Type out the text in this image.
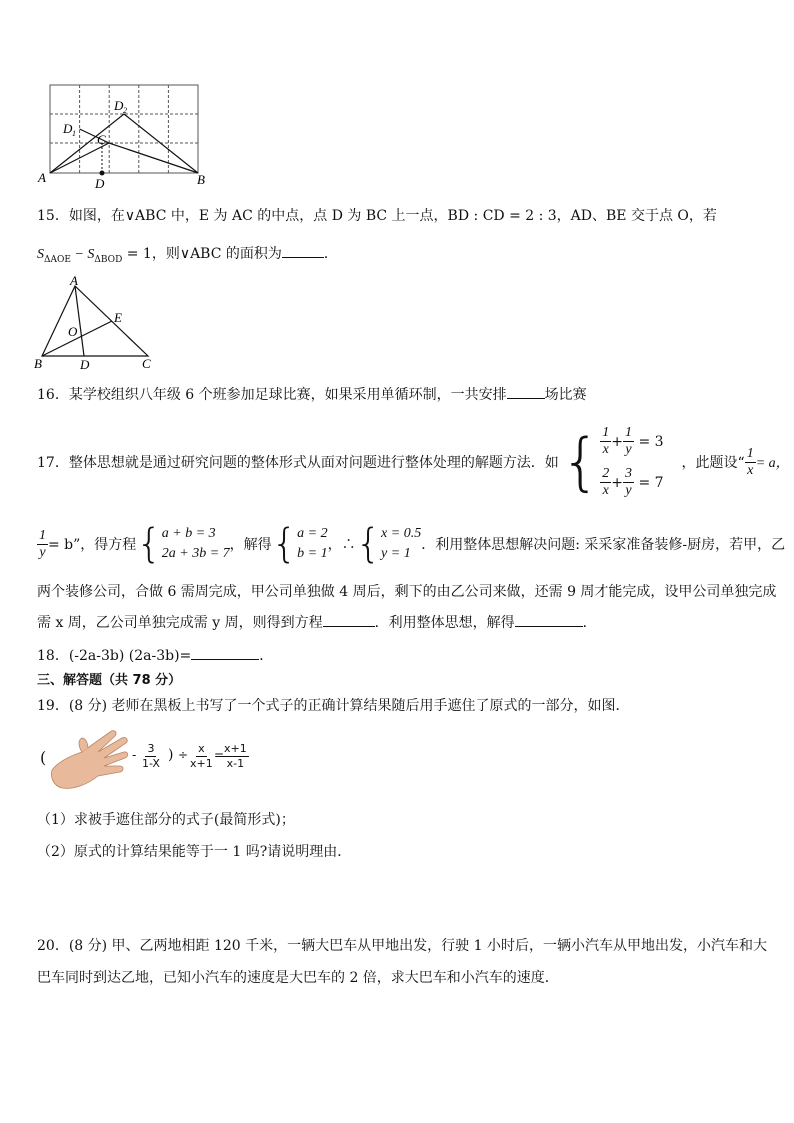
A	D	B
C
D 1
D 2
15．如图，在∨ABC 中，E 为 AC 的中点，点 D 为 BC 上一点，BD : CD = 2 : 3，AD、BE 交于点 O，若
$S_{\Delta AOE} - S_{\Delta BOD} = 1$，则∨ABC 的面积为	．
A
E
O
B	D	C
16．某学校组织八年级 6 个班参加足球比赛，如果采用单循环制，一共安排	场比赛
17．整体思想就是通过研究问题的整体形式从面对问题进行整体处理的解题方法．如 { $\frac{1}{x} + \frac{1}{y}$
= 3
$\frac{2}{x} + \frac{3}{y}$
= 7
，此题设“ $\frac{1}{x} = a$，
$\frac{1}{y} = b$”，得方程 { a + b = 3
2a + 3b = 7
，解得 { a = 2
b = 1
，∴ { x = 0.5
y = 1
．利用整体思想解决问题: 采采家准备装修-厨房，若甲，乙
两个装修公司，合做 6 需周完成，甲公司单独做 4 周后，剩下的由乙公司来做，还需 9 周才能完成，设甲公司单独完成
需 x 周，乙公司单独完成需 y 周，则得到方程	．利用整体思想，解得	．
18．(-2a-3b) (2a-3b)=	．
三、解答题（共 78 分）
19．(8 分) 老师在黑板上书写了一个式子的正确计算结果随后用手遮住了原式的一部分，如图．
(	- $\frac{3}{1-X}$ ) ÷ $\frac{x}{x+1}$ =
$\frac{x+1}{x-1}$
（1）求被手遮住部分的式子(最简形式)；
（2）原式的计算结果能等于一 1 吗?请说明理由．
20．(8 分) 甲、乙两地相距 120 千米，一辆大巴车从甲地出发，行驶 1 小时后，一辆小汽车从甲地出发，小汽车和大
巴车同时到达乙地，已知小汽车的速度是大巴车的 2 倍，求大巴车和小汽车的速度．
